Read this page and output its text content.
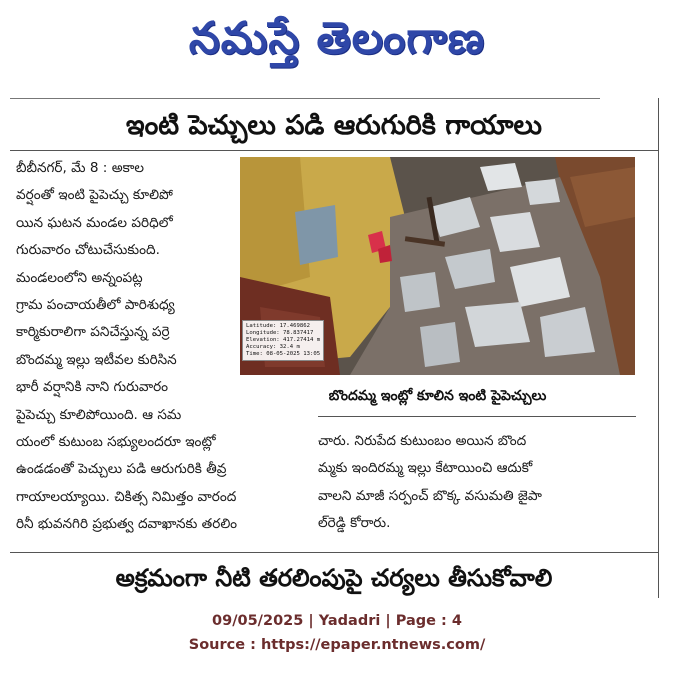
నమస్తే తెలంగాణ
ఇంటి పెచ్చులు పడి ఆరుగురికి గాయాలు
బీబీనగర్, మే 8 : అకాల
వర్షంతో ఇంటి పైపెచ్చు కూలిపో
యిన ఘటన మండల పరిధిలో
గురువారం చోటుచేసుకుంది.
మండలంలోని అన్నంపట్ల
గ్రామ పంచాయతీలో పారిశుధ్య
కార్మికురాలిగా పనిచేస్తున్న పర్రె
బొందమ్మ ఇల్లు ఇటీవల కురిసిన
భారీ వర్షానికి నాని గురువారం
పైపెచ్చు కూలిపోయింది. ఆ సమ
యంలో కుటుంబ సభ్యులందరూ ఇంట్లో
ఉండడంతో పెచ్చులు పడి ఆరుగురికి తీవ్ర
గాయాలయ్యాయి. చికిత్స నిమిత్తం వారంద
రినీ భువనగిరి ప్రభుత్వ దవాఖానకు తరలిం
Latitude: 17.469862
Longitude: 78.837417
Elevation: 417.27414 m
Accuracy: 32.4 m
Time: 08-05-2025 13:05
బొందమ్మ ఇంట్లో కూలిన ఇంటి పైపెచ్చులు
చారు. నిరుపేద కుటుంబం అయిన బొంద
మ్మకు ఇందిరమ్మ ఇల్లు కేటాయించి ఆదుకో
వాలని మాజీ సర్పంచ్ బొక్క వసుమతి జైపా
ల్‌రెడ్డి కోరారు.
అక్రమంగా నీటి తరలింపుపై చర్యలు తీసుకోవాలి
09/05/2025 | Yadadri | Page : 4
Source : https://epaper.ntnews.com/
